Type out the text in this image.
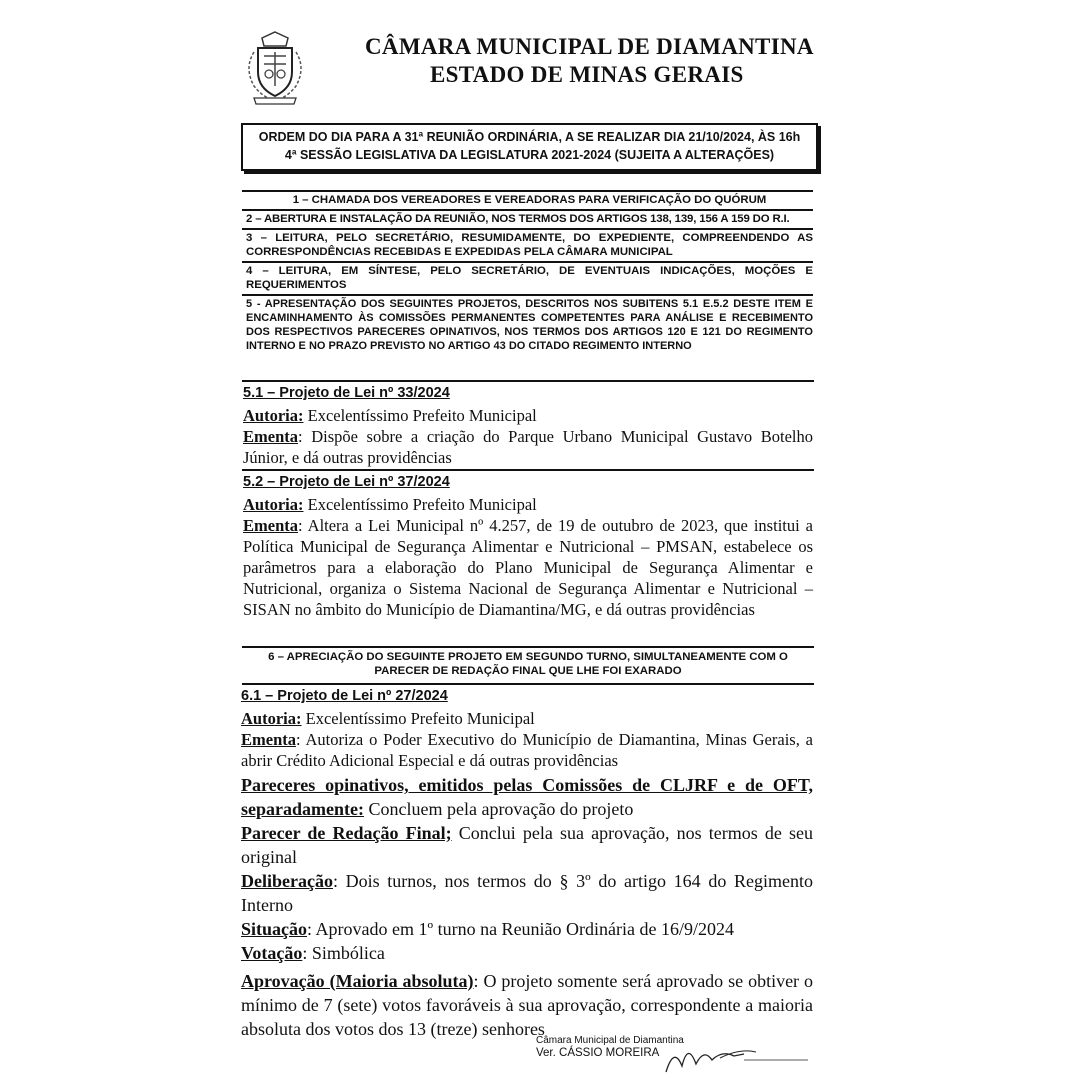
CÂMARA MUNICIPAL DE DIAMANTINA
ESTADO DE MINAS GERAIS
ORDEM DO DIA PARA A 31ª REUNIÃO ORDINÁRIA, A SE REALIZAR DIA 21/10/2024, ÀS 16h
4ª SESSÃO LEGISLATIVA DA LEGISLATURA 2021-2024 (SUJEITA A ALTERAÇÕES)
1 – CHAMADA DOS VEREADORES E VEREADORAS PARA VERIFICAÇÃO DO QUÓRUM
2 – ABERTURA E INSTALAÇÃO DA REUNIÃO, NOS TERMOS DOS ARTIGOS 138, 139, 156 A 159 DO R.I.
3 – LEITURA, PELO SECRETÁRIO, RESUMIDAMENTE, DO EXPEDIENTE, COMPREENDENDO AS CORRESPONDÊNCIAS RECEBIDAS E EXPEDIDAS PELA CÂMARA MUNICIPAL
4 – LEITURA, EM SÍNTESE, PELO SECRETÁRIO, DE EVENTUAIS INDICAÇÕES, MOÇÕES E REQUERIMENTOS
5 - APRESENTAÇÃO DOS SEGUINTES PROJETOS, DESCRITOS NOS SUBITENS 5.1 E.5.2 DESTE ITEM E ENCAMINHAMENTO ÀS COMISSÕES PERMANENTES COMPETENTES PARA ANÁLISE E RECEBIMENTO DOS RESPECTIVOS PARECERES OPINATIVOS, NOS TERMOS DOS ARTIGOS 120 E 121 DO REGIMENTO INTERNO E NO PRAZO PREVISTO NO ARTIGO 43 DO CITADO REGIMENTO INTERNO
5.1 – Projeto de Lei nº 33/2024
Autoria: Excelentíssimo Prefeito Municipal
Ementa: Dispõe sobre a criação do Parque Urbano Municipal Gustavo Botelho Júnior, e dá outras providências
5.2 – Projeto de Lei nº 37/2024
Autoria: Excelentíssimo Prefeito Municipal
Ementa: Altera a Lei Municipal nº 4.257, de 19 de outubro de 2023, que institui a Política Municipal de Segurança Alimentar e Nutricional – PMSAN, estabelece os parâmetros para a elaboração do Plano Municipal de Segurança Alimentar e Nutricional, organiza o Sistema Nacional de Segurança Alimentar e Nutricional – SISAN no âmbito do Município de Diamantina/MG, e dá outras providências
6 – APRECIAÇÃO DO SEGUINTE PROJETO EM SEGUNDO TURNO, SIMULTANEAMENTE COM O
PARECER DE REDAÇÃO FINAL QUE LHE FOI EXARADO
6.1 – Projeto de Lei nº 27/2024
Autoria: Excelentíssimo Prefeito Municipal
Ementa: Autoriza o Poder Executivo do Município de Diamantina, Minas Gerais, a abrir Crédito Adicional Especial e dá outras providências
Pareceres opinativos, emitidos pelas Comissões de CLJRF e de OFT, separadamente: Concluem pela aprovação do projeto
Parecer de Redação Final; Conclui pela sua aprovação, nos termos de seu original
Deliberação: Dois turnos, nos termos do § 3º do artigo 164 do Regimento Interno
Situação: Aprovado em 1º turno na Reunião Ordinária de 16/9/2024
Votação: Simbólica
Aprovação (Maioria absoluta): O projeto somente será aprovado se obtiver o mínimo de 7 (sete) votos favoráveis à sua aprovação, correspondente a maioria absoluta dos votos dos 13 (treze) senhores
Câmara Municipal de Diamantina
Ver. CÁSSIO MOREIRA
